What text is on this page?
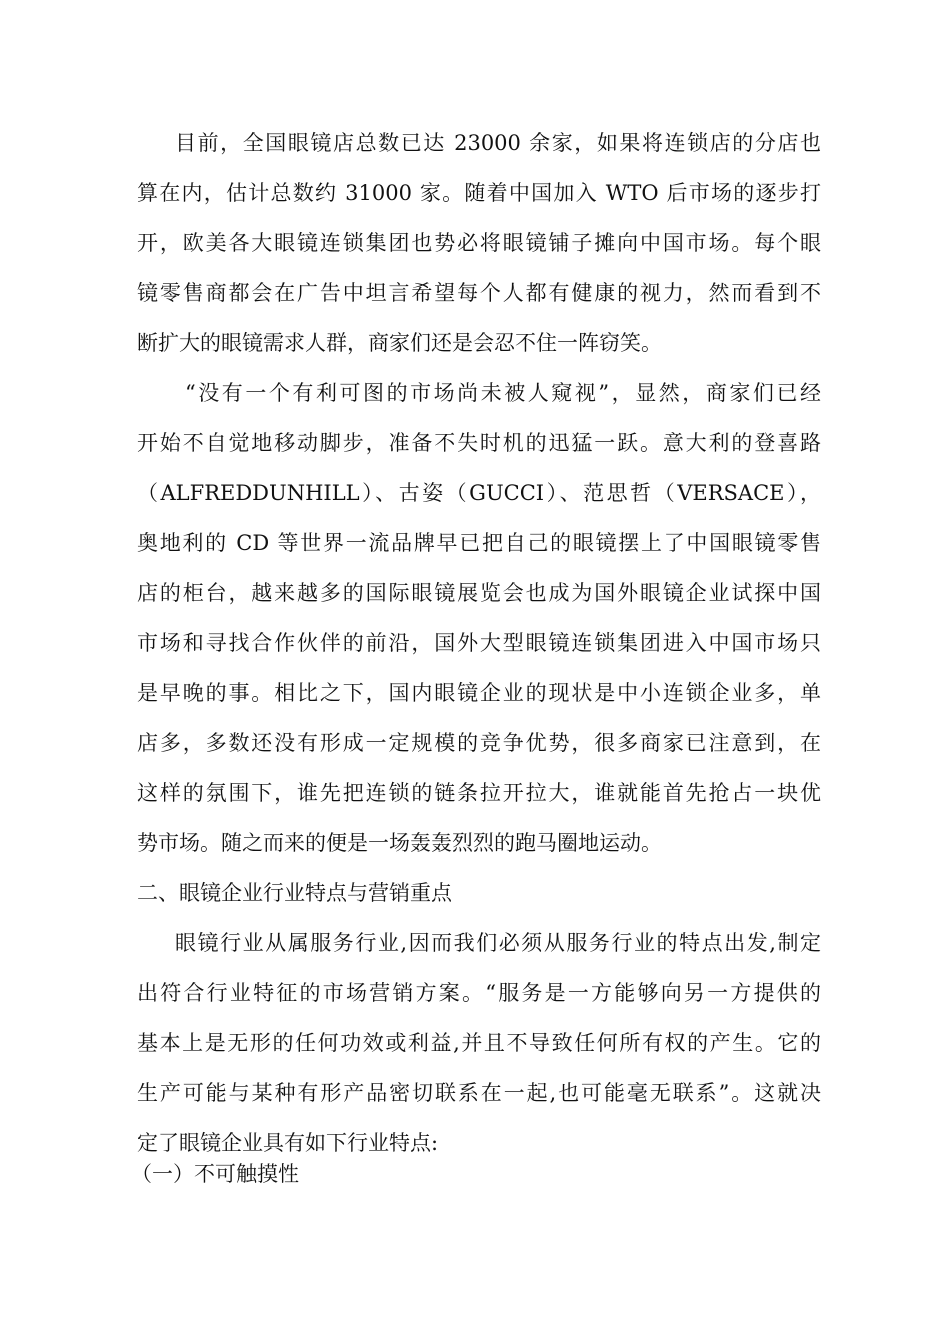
目前，全国眼镜店总数已达 23000 余家，如果将连锁店的分店也
算在内，估计总数约 31000 家。随着中国加入 WTO 后市场的逐步打
开，欧美各大眼镜连锁集团也势必将眼镜铺子摊向中国市场。每个眼
镜零售商都会在广告中坦言希望每个人都有健康的视力，然而看到不
断扩大的眼镜需求人群，商家们还是会忍不住一阵窃笑。
“没有一个有利可图的市场尚未被人窥视”，显然，商家们已经
开始不自觉地移动脚步，准备不失时机的迅猛一跃。意大利的登喜路
（ALFREDDUNHILL）、古姿（GUCCI）、范思哲（VERSACE），
奥地利的 CD 等世界一流品牌早已把自己的眼镜摆上了中国眼镜零售
店的柜台，越来越多的国际眼镜展览会也成为国外眼镜企业试探中国
市场和寻找合作伙伴的前沿，国外大型眼镜连锁集团进入中国市场只
是早晚的事。相比之下，国内眼镜企业的现状是中小连锁企业多，单
店多，多数还没有形成一定规模的竞争优势，很多商家已注意到，在
这样的氛围下，谁先把连锁的链条拉开拉大，谁就能首先抢占一块优
势市场。随之而来的便是一场轰轰烈烈的跑马圈地运动。
二、眼镜企业行业特点与营销重点
眼镜行业从属服务行业,因而我们必须从服务行业的特点出发,制定
出符合行业特征的市场营销方案。“服务是一方能够向另一方提供的
基本上是无形的任何功效或利益,并且不导致任何所有权的产生。它的
生产可能与某种有形产品密切联系在一起,也可能毫无联系”。这就决
定了眼镜企业具有如下行业特点:
（一）不可触摸性
